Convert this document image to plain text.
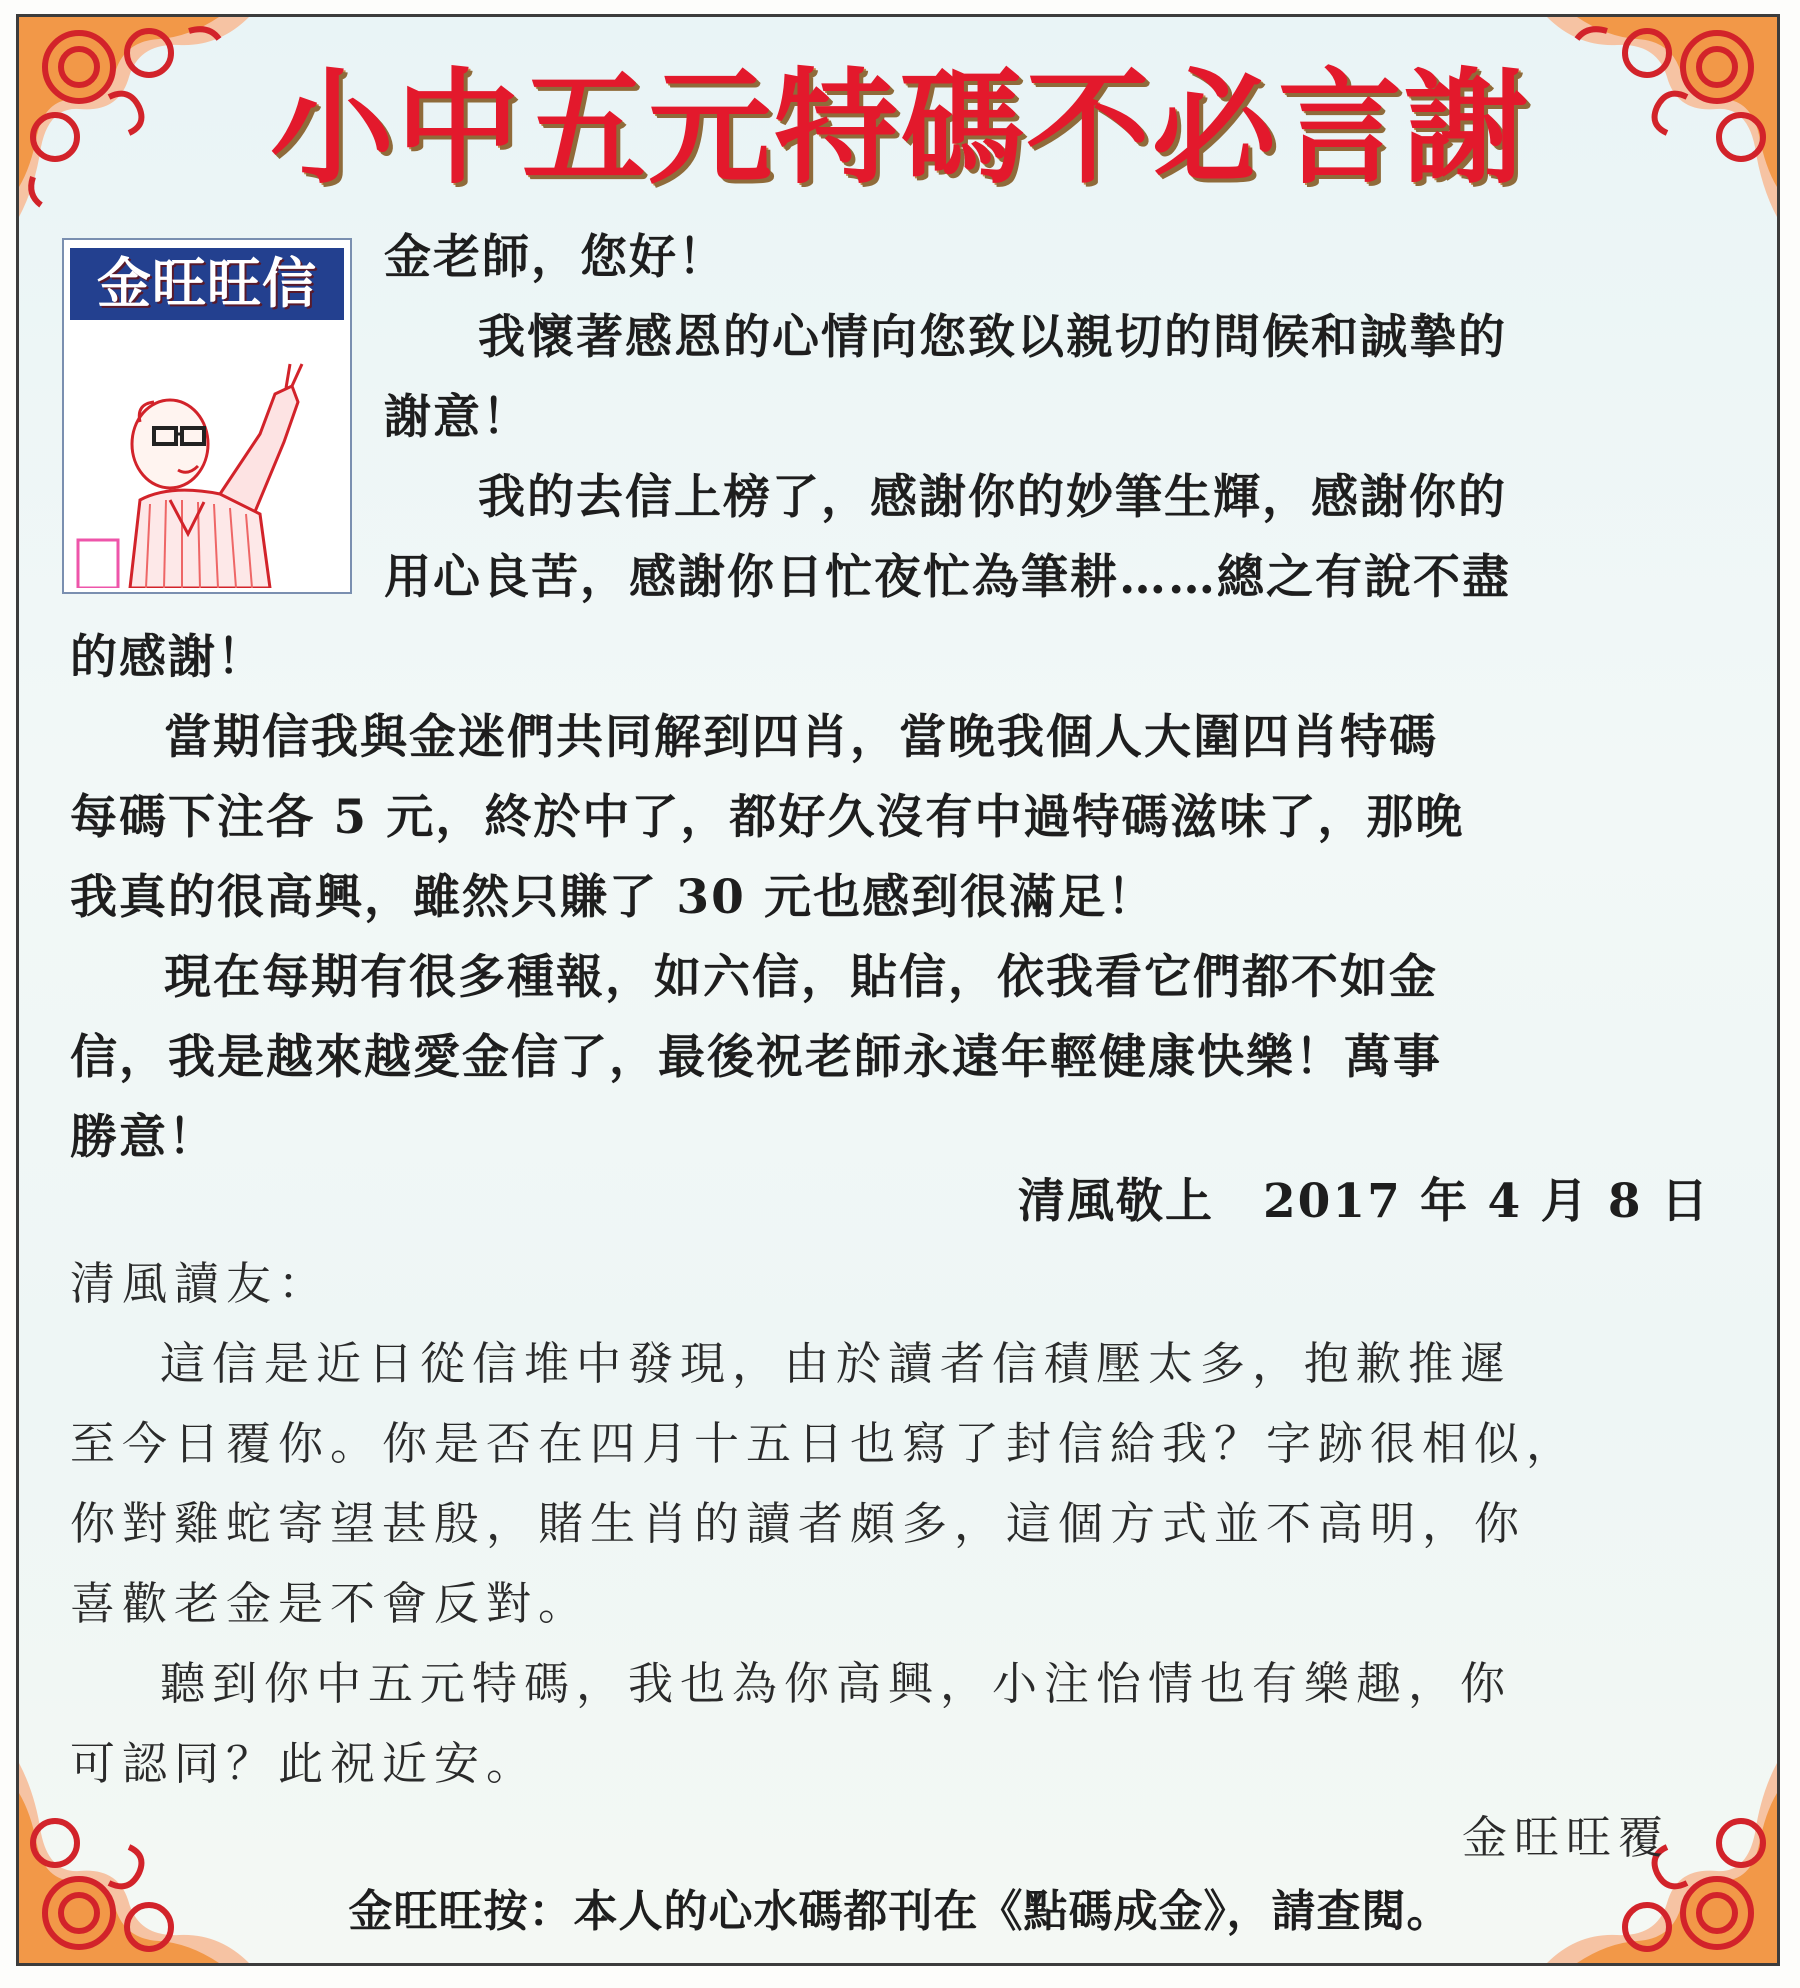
小中五元特碼不必言謝
金旺旺信	金老師，您好！
我懷著感恩的心情向您致以親切的問候和誠摯的
謝意！
我的去信上榜了，感謝你的妙筆生輝，感謝你的
用心良苦，感謝你日忙夜忙為筆耕……總之有說不盡
的感謝！
當期信我與金迷們共同解到四肖，當晚我個人大圍四肖特碼
每碼下注各 5 元，終於中了，都好久沒有中過特碼滋味了，那晚
我真的很高興，雖然只賺了 30 元也感到很滿足！
現在每期有很多種報，如六信，貼信，依我看它們都不如金
信，我是越來越愛金信了，最後祝老師永遠年輕健康快樂！萬事
勝意！
清風敬上　2017 年 4 月 8 日
清風讀友：
這信是近日從信堆中發現，由於讀者信積壓太多，抱歉推遲
至今日覆你。你是否在四月十五日也寫了封信給我？字跡很相似，
你對雞蛇寄望甚殷，賭生肖的讀者頗多，這個方式並不高明，你
喜歡老金是不會反對。
聽到你中五元特碼，我也為你高興，小注怡情也有樂趣，你
可認同？此祝近安。
金旺旺覆
金旺旺按：本人的心水碼都刊在《點碼成金》，請查閱。
